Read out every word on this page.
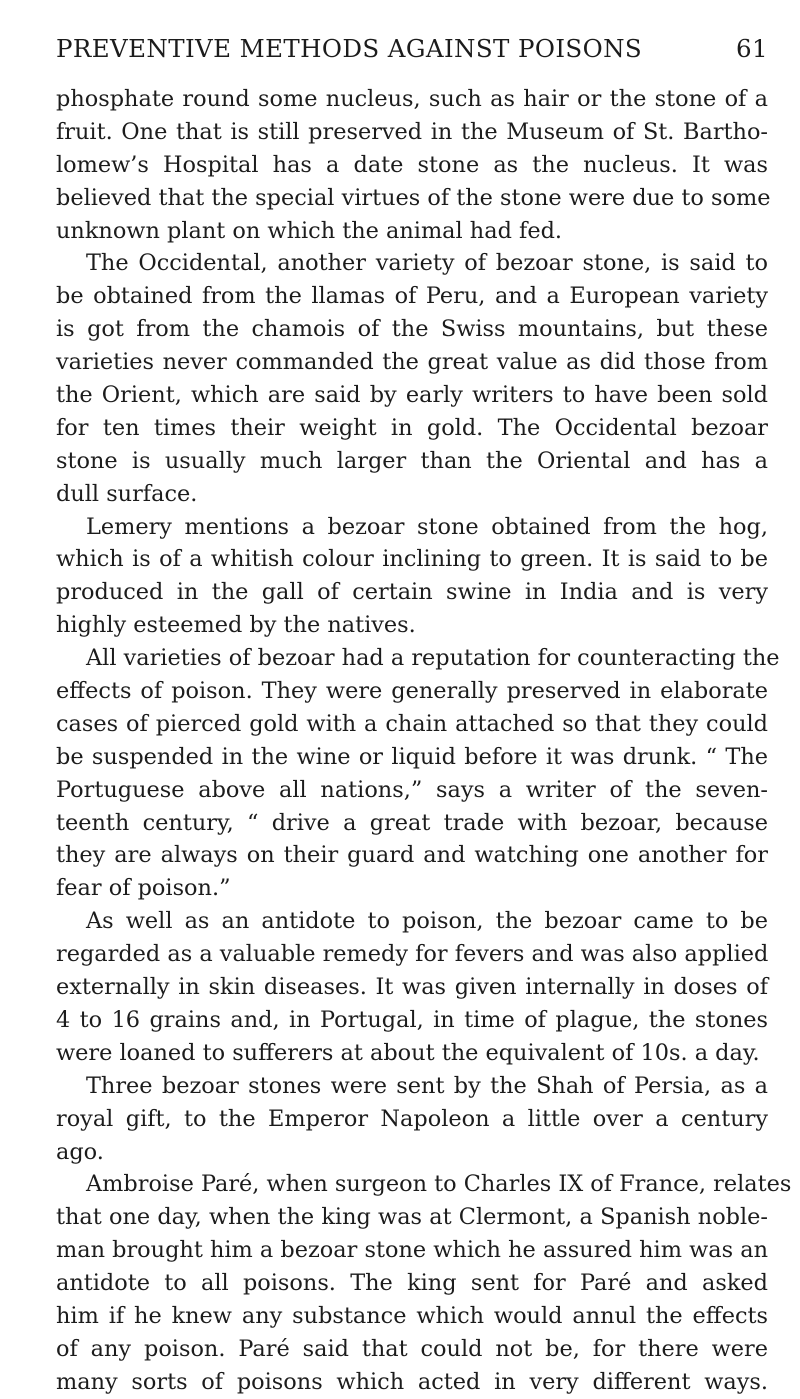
PREVENTIVE METHODS AGAINST POISONS	61
phosphate round some nucleus, such as hair or the stone of a
fruit. One that is still preserved in the Museum of St. Bartho-
lomew’s Hospital has a date stone as the nucleus. It was
believed that the special virtues of the stone were due to some
unknown plant on which the animal had fed.
The Occidental, another variety of bezoar stone, is said to
be obtained from the llamas of Peru, and a European variety
is got from the chamois of the Swiss mountains, but these
varieties never commanded the great value as did those from
the Orient, which are said by early writers to have been sold
for ten times their weight in gold. The Occidental bezoar
stone is usually much larger than the Oriental and has a
dull surface.
Lemery mentions a bezoar stone obtained from the hog,
which is of a whitish colour inclining to green. It is said to be
produced in the gall of certain swine in India and is very
highly esteemed by the natives.
All varieties of bezoar had a reputation for counteracting the
effects of poison. They were generally preserved in elaborate
cases of pierced gold with a chain attached so that they could
be suspended in the wine or liquid before it was drunk. “ The
Portuguese above all nations,” says a writer of the seven-
teenth century, “ drive a great trade with bezoar, because
they are always on their guard and watching one another for
fear of poison.”
As well as an antidote to poison, the bezoar came to be
regarded as a valuable remedy for fevers and was also applied
externally in skin diseases. It was given internally in doses of
4 to 16 grains and, in Portugal, in time of plague, the stones
were loaned to sufferers at about the equivalent of 10s. a day.
Three bezoar stones were sent by the Shah of Persia, as a
royal gift, to the Emperor Napoleon a little over a century
ago.
Ambroise Paré, when surgeon to Charles IX of France, relates
that one day, when the king was at Clermont, a Spanish noble-
man brought him a bezoar stone which he assured him was an
antidote to all poisons. The king sent for Paré and asked
him if he knew any substance which would annul the effects
of any poison. Paré said that could not be, for there were
many sorts of poisons which acted in very different ways.
